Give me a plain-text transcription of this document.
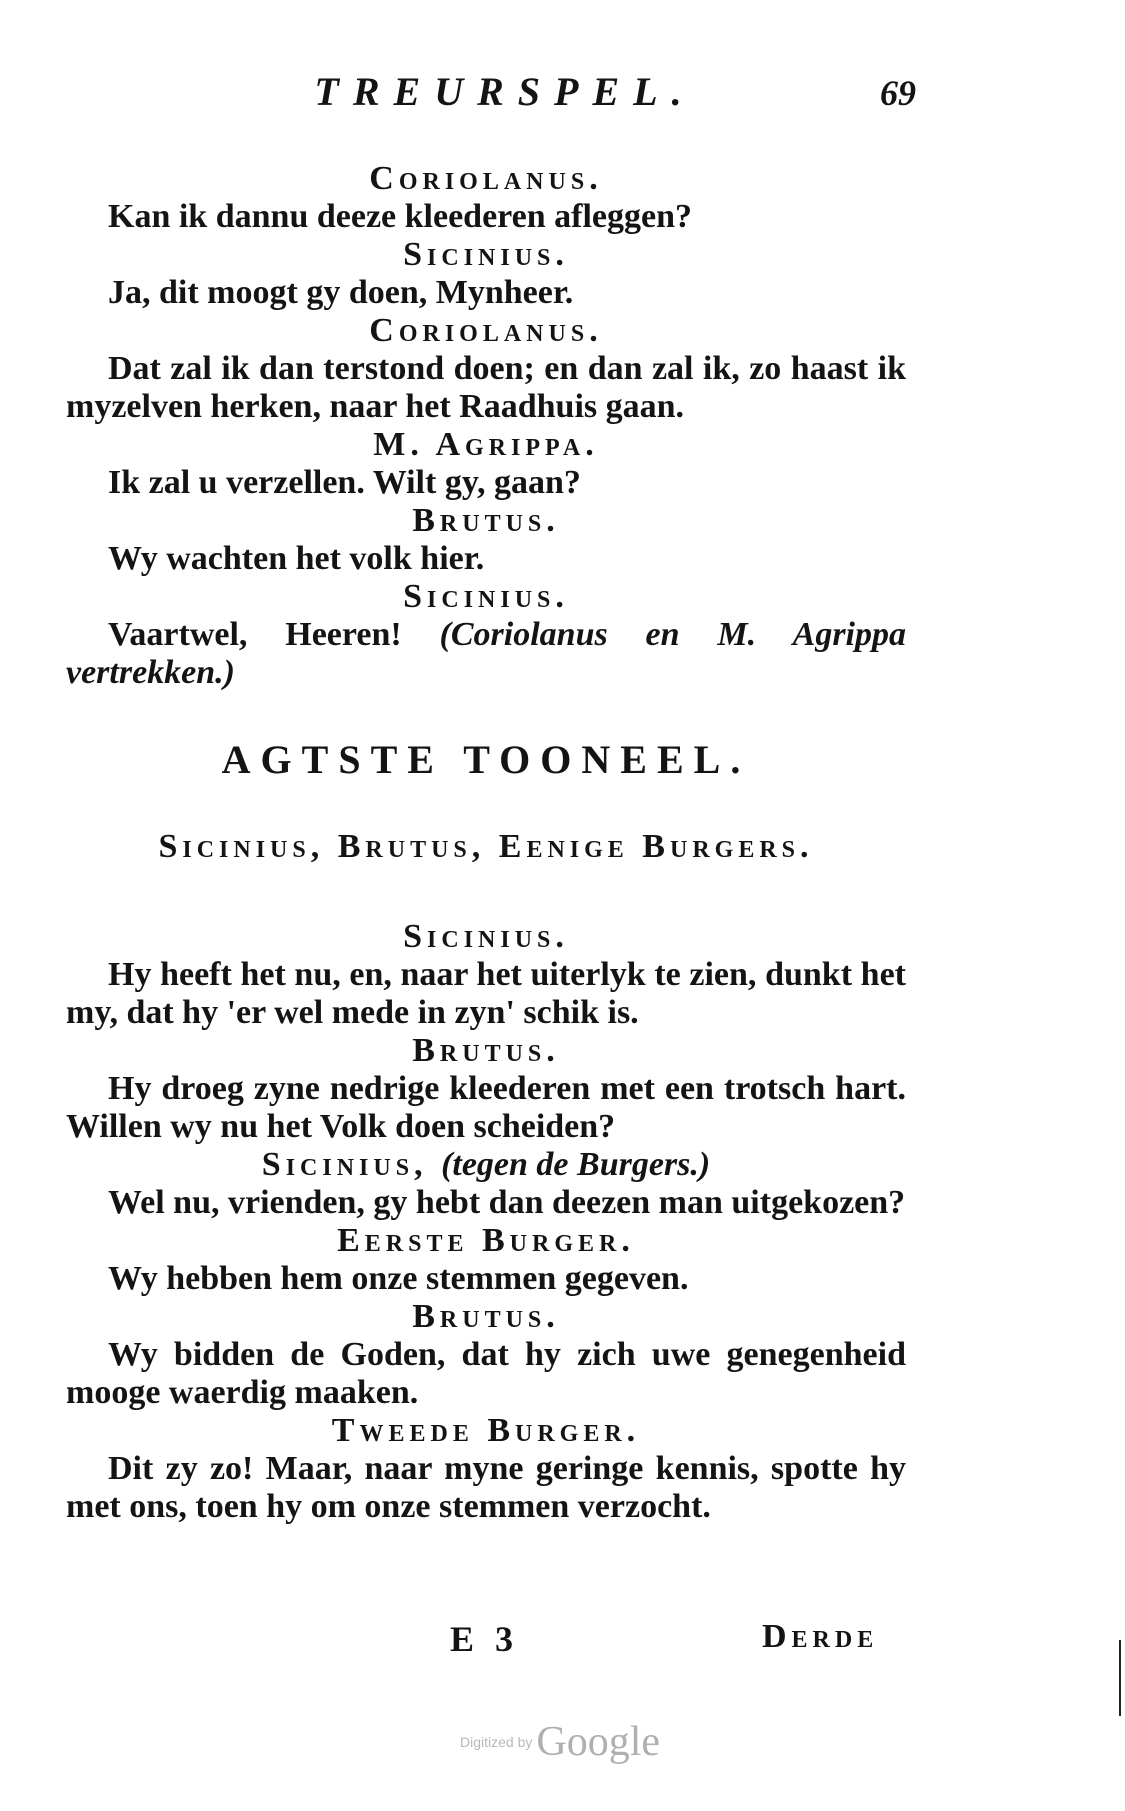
TREURSPEL.	69
Coriolanus.
Kan ik dannu deeze kleederen afleggen?
Sicinius.
Ja, dit moogt gy doen, Mynheer.
Coriolanus.
Dat zal ik dan terstond doen; en dan zal ik, zo haast ik myzelven herken, naar het Raadhuis gaan.
M. Agrippa.
Ik zal u verzellen. Wilt gy, gaan?
Brutus.
Wy wachten het volk hier.
Sicinius.
Vaartwel, Heeren! (Coriolanus en M. Agrippa vertrekken.)
AGTSTE TOONEEL.
Sicinius, Brutus, Eenige Burgers.
Sicinius.
Hy heeft het nu, en, naar het uiterlyk te zien, dunkt het my, dat hy 'er wel mede in zyn' schik is.
Brutus.
Hy droeg zyne nedrige kleederen met een trotsch hart. Willen wy nu het Volk doen scheiden?
Sicinius, (tegen de Burgers.)
Wel nu, vrienden, gy hebt dan deezen man uitgekozen?
Eerste Burger.
Wy hebben hem onze stemmen gegeven.
Brutus.
Wy bidden de Goden, dat hy zich uwe genegenheid mooge waerdig maaken.
Tweede Burger.
Dit zy zo! Maar, naar myne geringe kennis, spotte hy met ons, toen hy om onze stemmen verzocht.
E 3	Derde
Digitized by Google
